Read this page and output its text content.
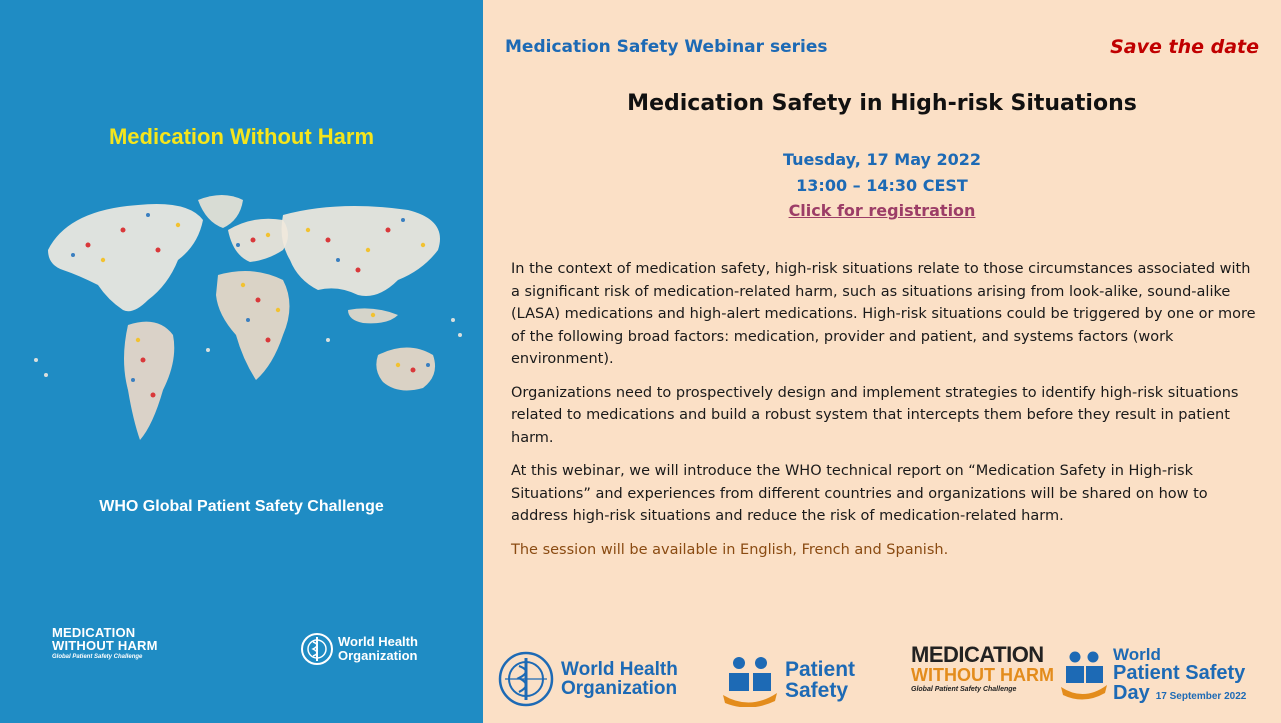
Medication Without Harm
WHO Global Patient Safety Challenge
MEDICATION
WITHOUT HARM
Global Patient Safety Challenge
World Health
Organization
Medication Safety Webinar series	Save the date
Medication Safety in High-risk Situations
Tuesday, 17 May 2022
13:00 – 14:30 CEST
Click for registration

In the context of medication safety, high-risk situations relate to those circumstances associated with a significant risk of medication-related harm, such as situations arising from look-alike, sound-alike (LASA) medications and high-alert medications. High-risk situations could be triggered by one or more of the following broad factors: medication, provider and patient, and systems factors (work environment).

Organizations need to prospectively design and implement strategies to identify high-risk situations related to medications and build a robust system that intercepts them before they result in patient harm.

At this webinar, we will introduce the WHO technical report on “Medication Safety in High-risk Situations” and experiences from different countries and organizations will be shared on how to address high-risk situations and reduce the risk of medication-related harm.

The session will be available in English, French and Spanish.

World Health
Organization
Patient
Safety
MEDICATION
WITHOUT HARM
Global Patient Safety Challenge
World
Patient Safety
Day 17 September 2022
